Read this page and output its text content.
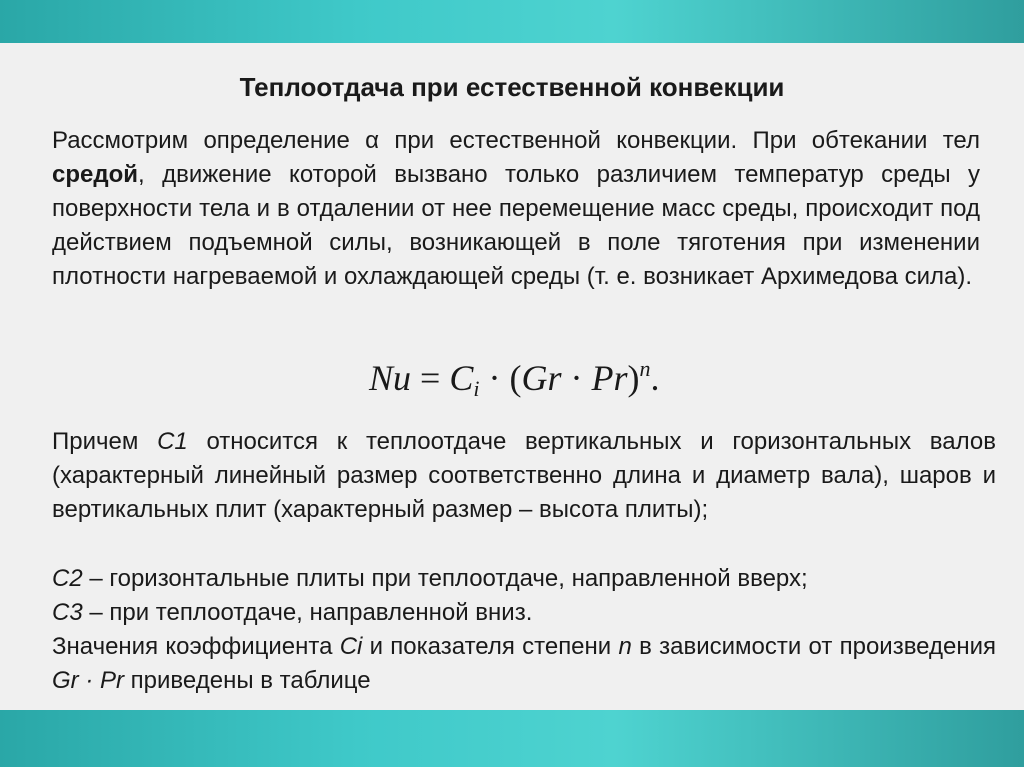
Теплоотдача при естественной конвекции

Рассмотрим определение α при естественной конвекции. При обтекании тел средой, движение которой вызвано только различием температур среды у поверхности тела и в отдалении от нее перемещение масс среды, происходит под действием подъемной силы, возникающей в поле тяготения при изменении плотности нагреваемой и охлаждающей среды (т. е. возникает Архимедова сила).

$Nu = C_i \cdot (Gr \cdot Pr)^n$.

Причем C1 относится к теплоотдаче вертикальных и горизонтальных валов (характерный линейный размер соответственно длина и диаметр вала), шаров и вертикальных плит (характерный размер – высота плиты);

C2 – горизонтальные плиты при теплоотдаче, направленной вверх;

C3 – при теплоотдаче, направленной вниз.

Значения коэффициента Ci и показателя степени n в зависимости от произведения Gr · Pr приведены в таблице
